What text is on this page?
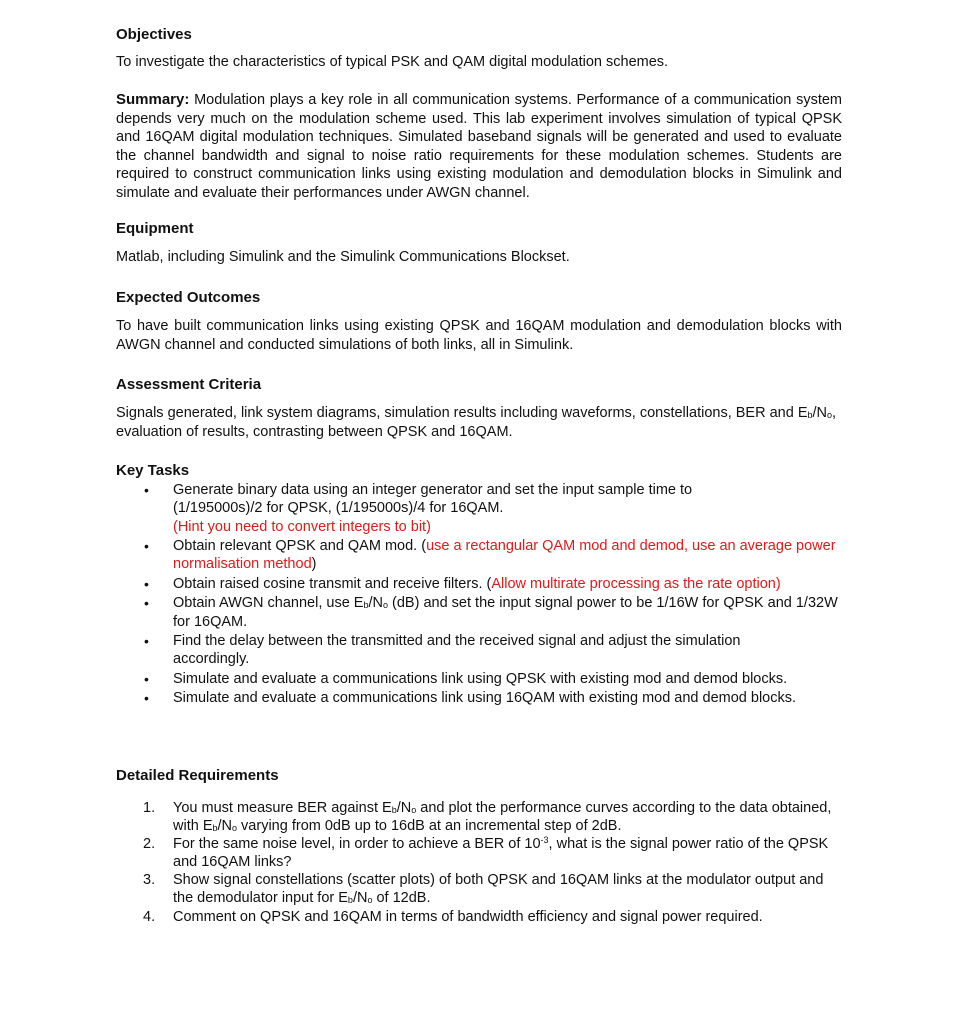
Objectives

To investigate the characteristics of typical PSK and QAM digital modulation schemes.

Summary: Modulation plays a key role in all communication systems. Performance of a communication system depends very much on the modulation scheme used. This lab experiment involves simulation of typical QPSK and 16QAM digital modulation techniques. Simulated baseband signals will be generated and used to evaluate the channel bandwidth and signal to noise ratio requirements for these modulation schemes. Students are required to construct communication links using existing modulation and demodulation blocks in Simulink and simulate and evaluate their performances under AWGN channel.

Equipment

Matlab, including Simulink and the Simulink Communications Blockset.

Expected Outcomes

To have built communication links using existing QPSK and 16QAM modulation and demodulation blocks with AWGN channel and conducted simulations of both links, all in Simulink.

Assessment Criteria

Signals generated, link system diagrams, simulation results including waveforms, constellations, BER and $E_b/N_o$, evaluation of results, contrasting between QPSK and 16QAM.

Key Tasks
• Generate binary data using an integer generator and set the input sample time to (1/195000s)/2 for QPSK, (1/195000s)/4 for 16QAM.
(Hint you need to convert integers to bit)
• Obtain relevant QPSK and QAM mod. (use a rectangular QAM mod and demod, use an average power normalisation method)
• Obtain raised cosine transmit and receive filters. (Allow multirate processing as the rate option)
• Obtain AWGN channel, use $E_b/N_o$ (dB) and set the input signal power to be 1/16W for QPSK and 1/32W for 16QAM.
• Find the delay between the transmitted and the received signal and adjust the simulation accordingly.
• Simulate and evaluate a communications link using QPSK with existing mod and demod blocks.
• Simulate and evaluate a communications link using 16QAM with existing mod and demod blocks.
Detailed Requirements
1. You must measure BER against $E_b/N_o$ and plot the performance curves according to the data obtained, with $E_b/N_o$ varying from 0dB up to 16dB at an incremental step of 2dB.
2. For the same noise level, in order to achieve a BER of $10^{-3}$, what is the signal power ratio of the QPSK and 16QAM links?
3. Show signal constellations (scatter plots) of both QPSK and 16QAM links at the modulator output and the demodulator input for $E_b/N_o$ of 12dB.
4. Comment on QPSK and 16QAM in terms of bandwidth efficiency and signal power required.
